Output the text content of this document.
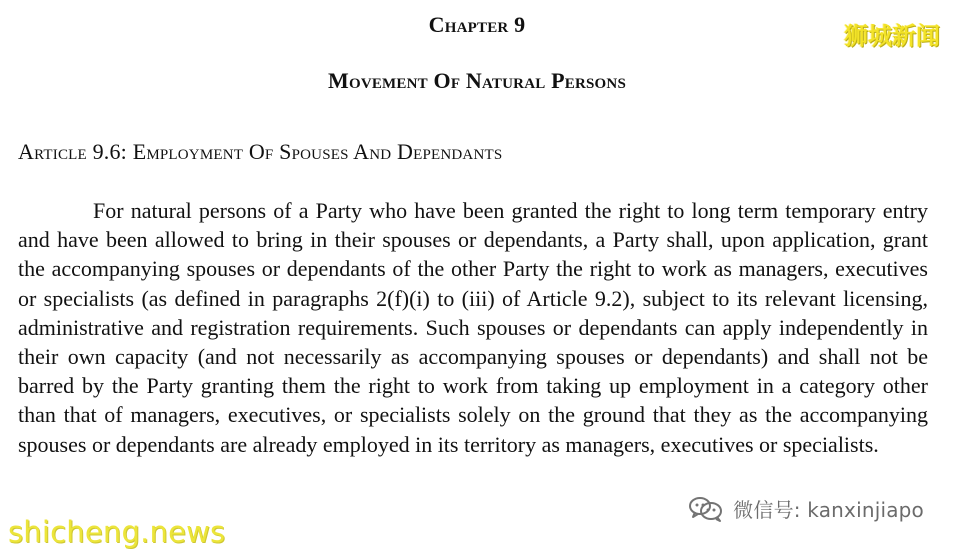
Chapter 9
Movement Of Natural Persons
Article 9.6: Employment Of Spouses And Dependants

For natural persons of a Party who have been granted the right to long term temporary entry and have been allowed to bring in their spouses or dependants, a Party shall, upon application, grant the accompanying spouses or dependants of the other Party the right to work as managers, executives or specialists (as defined in paragraphs 2(f)(i) to (iii) of Article 9.2), subject to its relevant licensing, administrative and registration requirements. Such spouses or dependants can apply independently in their own capacity (and not necessarily as accompanying spouses or dependants) and shall not be barred by the Party granting them the right to work from taking up employment in a category other than that of managers, executives, or specialists solely on the ground that they as the accompanying spouses or dependants are already employed in its territory as managers, executives or specialists.

狮城新闻
shicheng.news
微信号: kanxinjiapo
